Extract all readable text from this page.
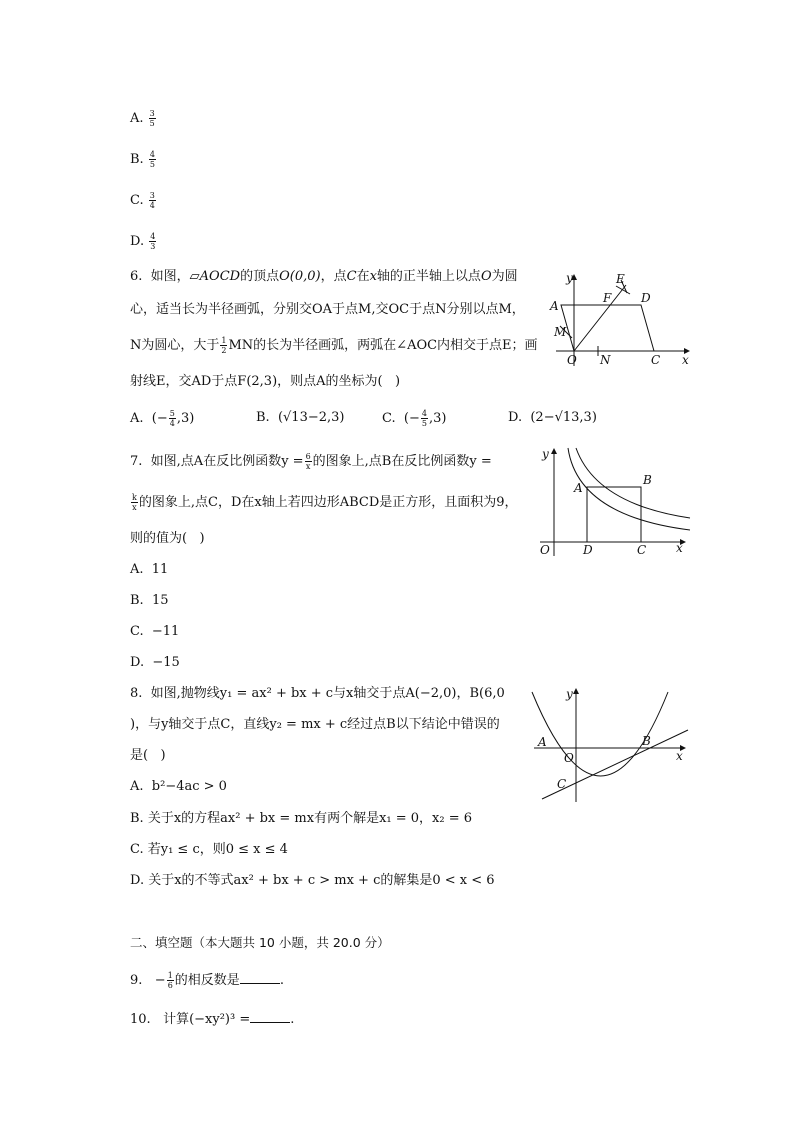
A. $\frac{3}{5}$
B. $\frac{4}{5}$
C. $\frac{3}{4}$
D. $\frac{4}{3}$
6.  如图，▱AOCD的顶点O(0,0)，点C在x轴的正半轴上以点O为圆
心，适当长为半径画弧，分别交OA于点M,交OC于点N分别以点M，
N为圆心，大于 $\frac{1}{2}$ MN的长为半径画弧，两弧在∠AOC内相交于点E；画
射线E，交AD于点F(2,3)，则点A的坐标为(   )
A.  (− $\frac{5}{4} ,3$)	B.  (√13−2,3)	C.  (− $\frac{4}{5} ,3$)	D.  (2−√13,3)
y
x
E
F D
A
M
O N	C
7.  如图,点A在反比例函数$y = \frac{6}{x}$ 的图象上,点B在反比例函数y =
$\frac{k}{x}$ 的图象上,点C，D在x轴上若四边形ABCD是正方形，且面积为9，
则的值为(   )
A.  11
B.  15
C.  −11
D.  −15
y
x
A
B
O	D	C
8.  如图,抛物线y₁ = ax² + bx + c与x轴交于点A(−2,0)，B(6,0
)，与y轴交于点C，直线y₂ = mx + c经过点B以下结论中错误的
是(   )
A.  b²−4ac > 0
B. 关于x的方程ax² + bx = mx有两个解是x₁ = 0，x₂ = 6
C. 若y₁ ≤ c，则0 ≤ x ≤ 4
D. 关于x的不等式ax² + bx + c > mx + c的解集是0 < x < 6
y
x
A
O
B
C
二、填空题（本大题共 10 小题，共 20.0 分）
9.   − $\frac{1}{6}$ 的相反数是	.
10.   计算(−xy²)³ =	.
